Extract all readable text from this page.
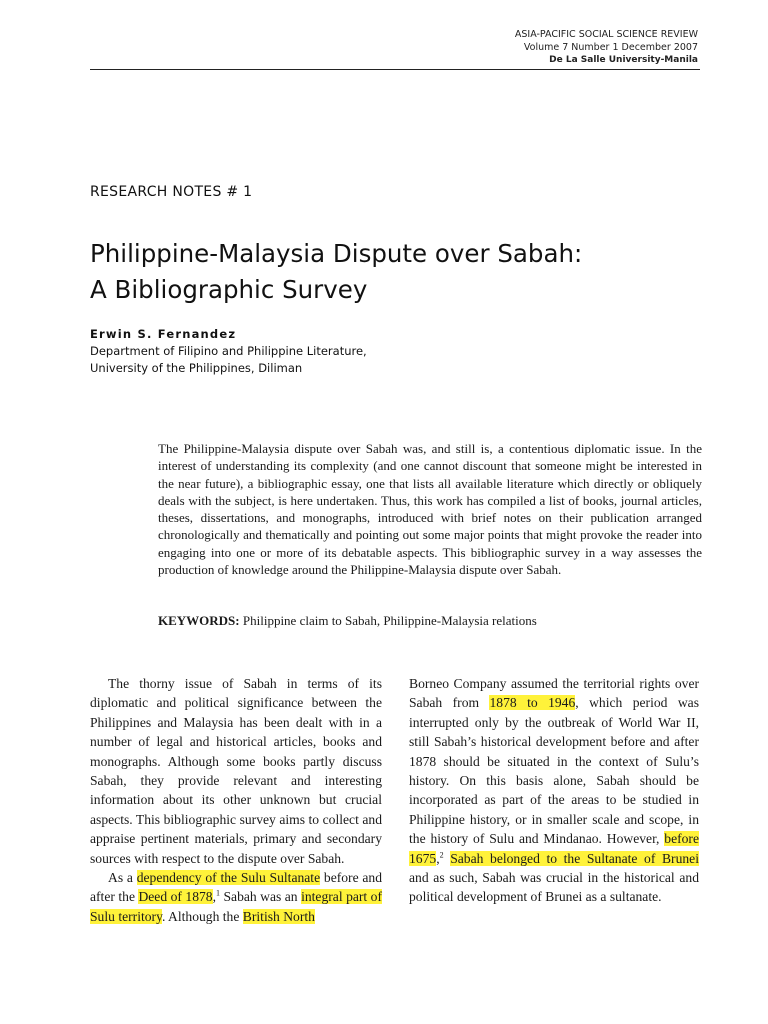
ASIA-PACIFIC SOCIAL SCIENCE REVIEW
Volume 7 Number 1 December 2007
De La Salle University-Manila
RESEARCH NOTES # 1
Philippine-Malaysia Dispute over Sabah:
A Bibliographic Survey
Erwin S. Fernandez
Department of Filipino and Philippine Literature,
University of the Philippines, Diliman
The Philippine-Malaysia dispute over Sabah was, and still is, a contentious diplomatic issue. In the interest of understanding its complexity (and one cannot discount that someone might be interested in the near future), a bibliographic essay, one that lists all available literature which directly or obliquely deals with the subject, is here undertaken. Thus, this work has compiled a list of books, journal articles, theses, dissertations, and monographs, introduced with brief notes on their publication arranged chronologically and thematically and pointing out some major points that might provoke the reader into engaging into one or more of its debatable aspects. This bibliographic survey in a way assesses the production of knowledge around the Philippine-Malaysia dispute over Sabah.
KEYWORDS: Philippine claim to Sabah, Philippine-Malaysia relations

The thorny issue of Sabah in terms of its diplomatic and political significance between the Philippines and Malaysia has been dealt with in a number of legal and historical articles, books and monographs. Although some books partly discuss Sabah, they provide relevant and interesting information about its other unknown but crucial aspects. This bibliographic survey aims to collect and appraise pertinent materials, primary and secondary sources with respect to the dispute over Sabah.

As a dependency of the Sulu Sultanate before and after the Deed of 1878,$^1$ Sabah was an integral part of Sulu territory. Although the British North

Borneo Company assumed the territorial rights over Sabah from 1878 to 1946, which period was interrupted only by the outbreak of World War II, still Sabah’s historical development before and after 1878 should be situated in the context of Sulu’s history. On this basis alone, Sabah should be incorporated as part of the areas to be studied in Philippine history, or in smaller scale and scope, in the history of Sulu and Mindanao. However, before 1675,$^2$ Sabah belonged to the Sultanate of Brunei and as such, Sabah was crucial in the historical and political development of Brunei as a sultanate.
